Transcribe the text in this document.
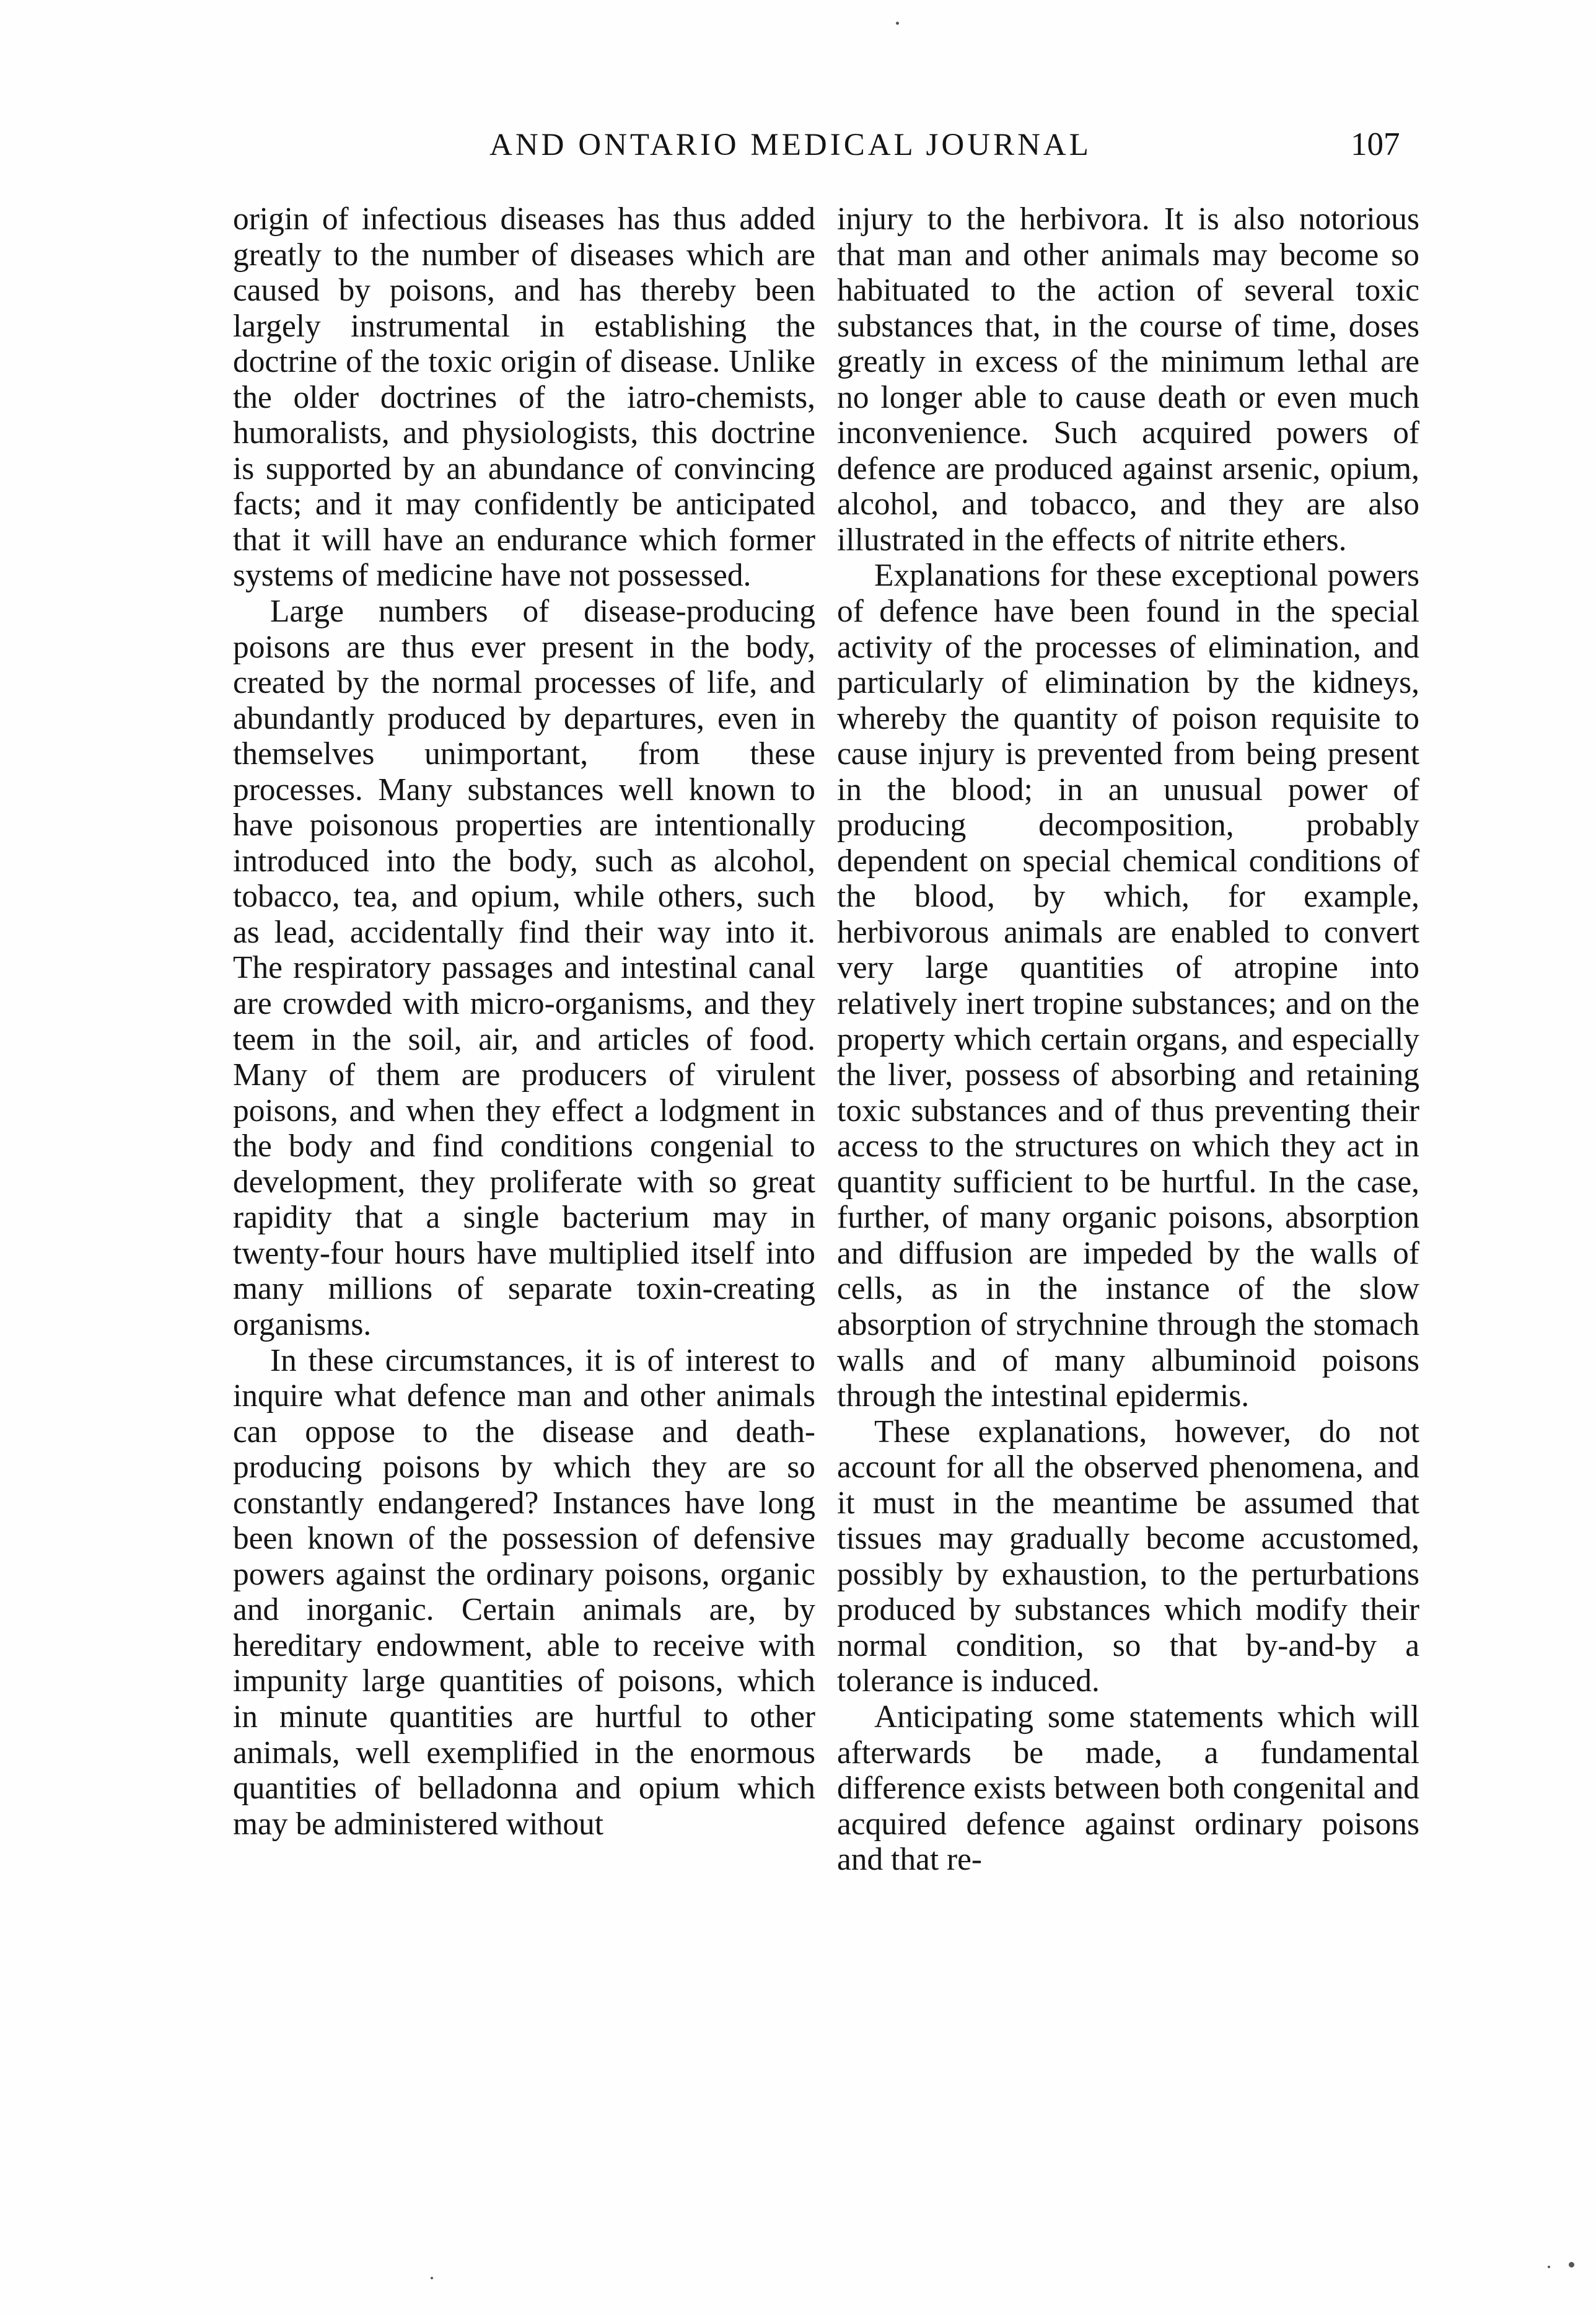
AND ONTARIO MEDICAL JOURNAL	107

origin of infectious diseases has thus added greatly to the number of diseases which are caused by poisons, and has thereby been largely instrumental in establishing the doctrine of the toxic origin of disease. Unlike the older doctrines of the iatro-chemists, humoralists, and physiologists, this doctrine is supported by an abundance of convincing facts; and it may confidently be anticipated that it will have an endurance which former systems of medicine have not possessed.

Large numbers of disease-producing poisons are thus ever present in the body, created by the normal processes of life, and abundantly produced by departures, even in themselves unimportant, from these processes. Many substances well known to have poisonous properties are intentionally introduced into the body, such as alcohol, tobacco, tea, and opium, while others, such as lead, accidentally find their way into it. The respiratory passages and intestinal canal are crowded with micro-organisms, and they teem in the soil, air, and articles of food. Many of them are producers of virulent poisons, and when they effect a lodgment in the body and find conditions congenial to development, they proliferate with so great rapidity that a single bacterium may in twenty-four hours have multiplied itself into many millions of separate toxin-creating organisms.

In these circumstances, it is of interest to inquire what defence man and other animals can oppose to the disease and death-producing poisons by which they are so constantly endangered? Instances have long been known of the possession of defensive powers against the ordinary poisons, organic and inorganic. Certain animals are, by hereditary endowment, able to receive with impunity large quantities of poisons, which in minute quantities are hurtful to other animals, well exemplified in the enormous quantities of belladonna and opium which may be administered without

injury to the herbivora. It is also notorious that man and other animals may become so habituated to the action of several toxic substances that, in the course of time, doses greatly in excess of the minimum lethal are no longer able to cause death or even much inconvenience. Such acquired powers of defence are produced against arsenic, opium, alcohol, and tobacco, and they are also illustrated in the effects of nitrite ethers.

Explanations for these exceptional powers of defence have been found in the special activity of the processes of elimination, and particularly of elimination by the kidneys, whereby the quantity of poison requisite to cause injury is prevented from being present in the blood; in an unusual power of producing decomposition, probably dependent on special chemical conditions of the blood, by which, for example, herbivorous animals are enabled to convert very large quantities of atropine into relatively inert tropine substances; and on the property which certain organs, and especially the liver, possess of absorbing and retaining toxic substances and of thus preventing their access to the structures on which they act in quantity sufficient to be hurtful. In the case, further, of many organic poisons, absorption and diffusion are impeded by the walls of cells, as in the instance of the slow absorption of strychnine through the stomach walls and of many albuminoid poisons through the intestinal epidermis.

These explanations, however, do not account for all the observed phenomena, and it must in the meantime be assumed that tissues may gradually become accustomed, possibly by exhaustion, to the perturbations produced by substances which modify their normal condition, so that by-and-by a tolerance is induced.

Anticipating some statements which will afterwards be made, a fundamental difference exists between both congenital and acquired defence against ordinary poisons and that re-
